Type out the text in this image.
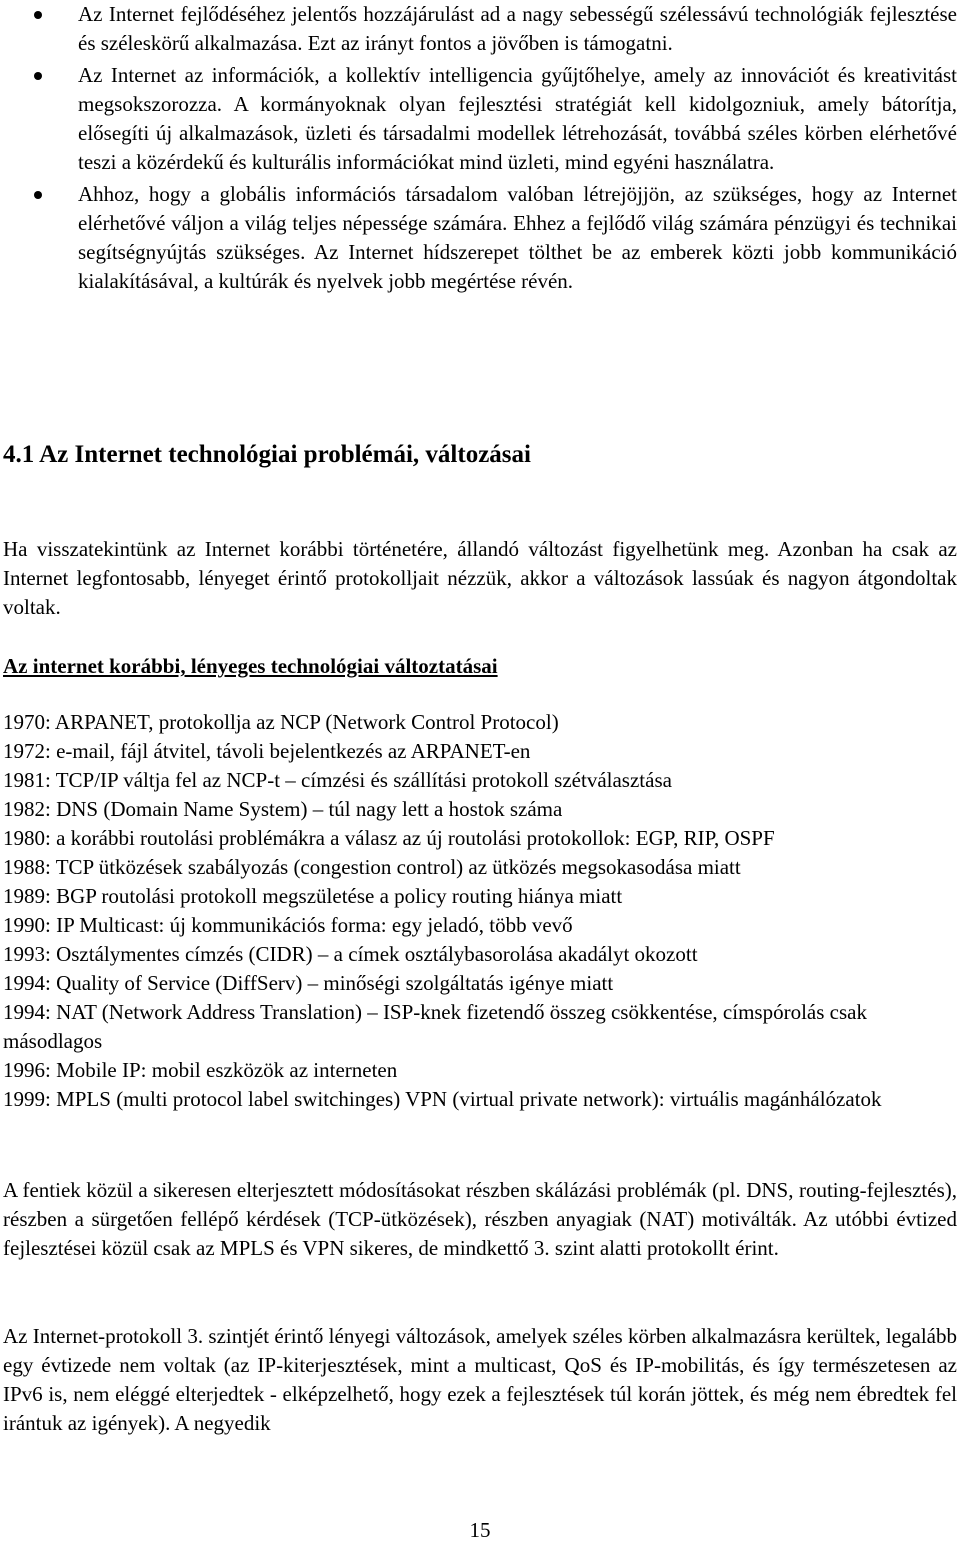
Az Internet fejlődéséhez jelentős hozzájárulást ad a nagy sebességű szélessávú technológiák fejlesztése és széleskörű alkalmazása. Ezt az irányt fontos a jövőben is támogatni.
Az Internet az információk, a kollektív intelligencia gyűjtőhelye, amely az innovációt és kreativitást megsokszorozza. A kormányoknak olyan fejlesztési stratégiát kell kidolgozniuk, amely bátorítja, elősegíti új alkalmazások, üzleti és társadalmi modellek létrehozását, továbbá széles körben elérhetővé teszi a közérdekű és kulturális információkat mind üzleti, mind egyéni használatra.
Ahhoz, hogy a globális információs társadalom valóban létrejöjjön, az szükséges, hogy az Internet elérhetővé váljon a világ teljes népessége számára. Ehhez a fejlődő világ számára pénzügyi és technikai segítségnyújtás szükséges. Az Internet hídszerepet tölthet be az emberek közti jobb kommunikáció kialakításával, a kultúrák és nyelvek jobb megértése révén.
4.1 Az Internet technológiai problémái, változásai

Ha visszatekintünk az Internet korábbi történetére, állandó változást figyelhetünk meg. Azonban ha csak az Internet legfontosabb, lényeget érintő protokolljait nézzük, akkor a változások lassúak és nagyon átgondoltak voltak.

Az internet korábbi, lényeges technológiai változtatásai
1970: ARPANET, protokollja az NCP (Network Control Protocol)
1972: e-mail, fájl átvitel, távoli bejelentkezés az ARPANET-en
1981: TCP/IP váltja fel az NCP-t – címzési és szállítási protokoll szétválasztása
1982: DNS (Domain Name System) – túl nagy lett a hostok száma
1980: a korábbi routolási problémákra a válasz az új routolási protokollok: EGP, RIP, OSPF
1988: TCP ütközések szabályozás (congestion control) az ütközés megsokasodása miatt
1989: BGP routolási protokoll megszületése a policy routing hiánya miatt
1990: IP Multicast: új kommunikációs forma: egy jeladó, több vevő
1993: Osztálymentes címzés (CIDR) – a címek osztálybasorolása akadályt okozott
1994: Quality of Service (DiffServ) – minőségi szolgáltatás igénye miatt
1994: NAT (Network Address Translation) – ISP-knek fizetendő összeg csökkentése, címspórolás csak másodlagos
1996: Mobile IP: mobil eszközök az interneten
1999: MPLS (multi protocol label switchinges) VPN (virtual private network): virtuális magánhálózatok

A fentiek közül a sikeresen elterjesztett módosításokat részben skálázási problémák (pl. DNS, routing-fejlesztés), részben a sürgetően fellépő kérdések (TCP-ütközések), részben anyagiak (NAT) motiválták. Az utóbbi évtized fejlesztései közül csak az MPLS és VPN sikeres, de mindkettő 3. szint alatti protokollt érint.

Az Internet-protokoll 3. szintjét érintő lényegi változások, amelyek széles körben alkalmazásra kerültek, legalább egy évtizede nem voltak (az IP-kiterjesztések, mint a multicast, QoS és IP-mobilitás, és így természetesen az IPv6 is, nem eléggé elterjedtek - elképzelhető, hogy ezek a fejlesztések túl korán jöttek, és még nem ébredtek fel irántuk az igények). A negyedik

15
